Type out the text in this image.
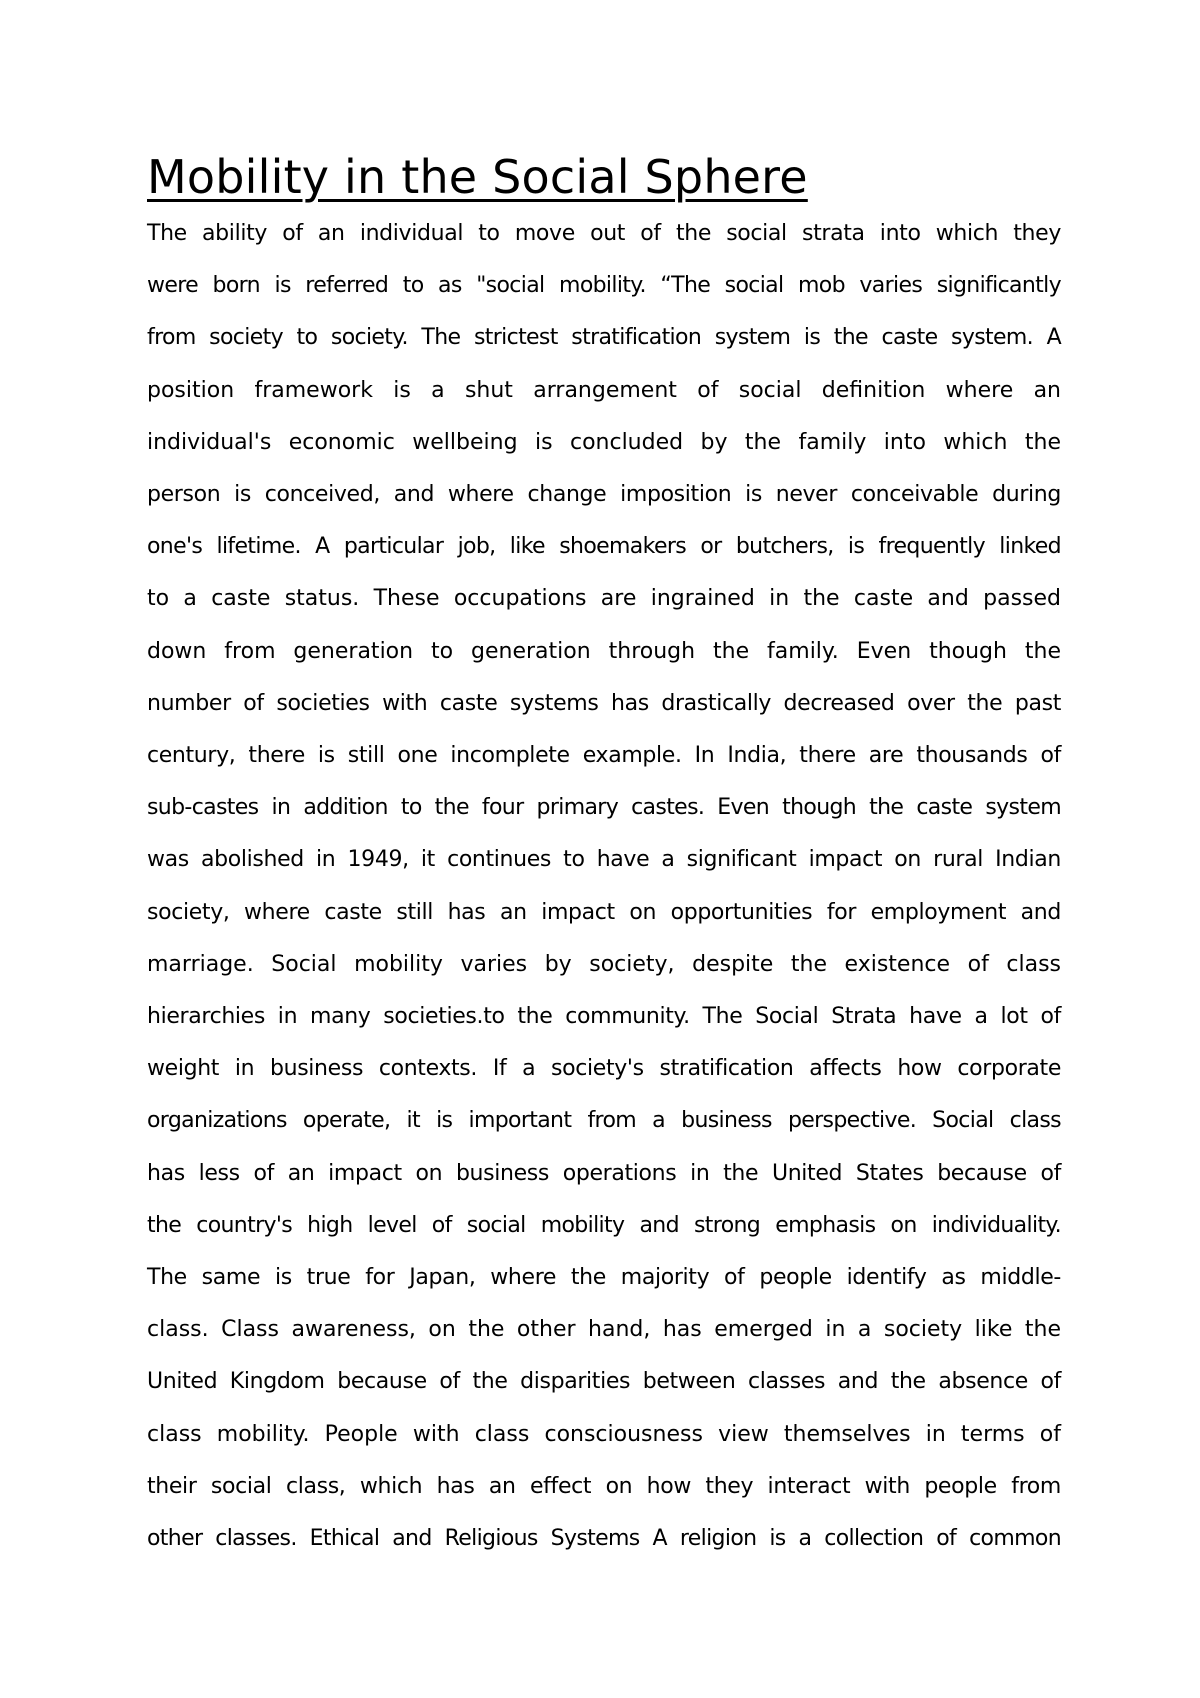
Mobility in the Social Sphere
The ability of an individual to move out of the social strata into which they
were born is referred to as "social mobility. “The social mob varies significantly
from society to society. The strictest stratification system is the caste system. A
position framework is a shut arrangement of social definition where an
individual's economic wellbeing is concluded by the family into which the
person is conceived, and where change imposition is never conceivable during
one's lifetime. A particular job, like shoemakers or butchers, is frequently linked
to a caste status. These occupations are ingrained in the caste and passed
down from generation to generation through the family. Even though the
number of societies with caste systems has drastically decreased over the past
century, there is still one incomplete example. In India, there are thousands of
sub-castes in addition to the four primary castes. Even though the caste system
was abolished in 1949, it continues to have a significant impact on rural Indian
society, where caste still has an impact on opportunities for employment and
marriage. Social mobility varies by society, despite the existence of class
hierarchies in many societies.to the community. The Social Strata have a lot of
weight in business contexts. If a society's stratification affects how corporate
organizations operate, it is important from a business perspective. Social class
has less of an impact on business operations in the United States because of
the country's high level of social mobility and strong emphasis on individuality.
The same is true for Japan, where the majority of people identify as middle-
class. Class awareness, on the other hand, has emerged in a society like the
United Kingdom because of the disparities between classes and the absence of
class mobility. People with class consciousness view themselves in terms of
their social class, which has an effect on how they interact with people from
other classes. Ethical and Religious Systems A religion is a collection of common
